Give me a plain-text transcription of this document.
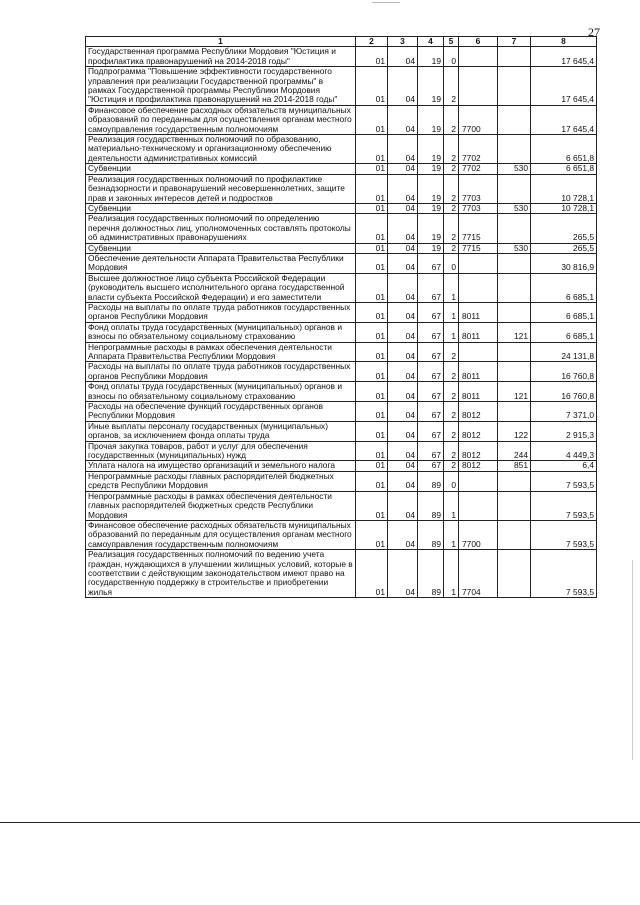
27
1	2	3	4	5	6	7	8
Государственная программа Республики Мордовия "Юстиция и профилактика правонарушений на 2014-2018 годы"	01	04	19	0			17 645,4
Подпрограмма "Повышение эффективности государственного управления при реализации Государственной программы" в рамках Государственной программы Республики Мордовия "Юстиция и профилактика правонарушений на 2014-2018 годы"	01	04	19	2			17 645,4
Финансовое обеспечение расходных обязательств муниципальных образований по переданным для осуществления органам местного самоуправления государственным полномочиям	01	04	19	2	7700		17 645,4
Реализация государственных полномочий по образованию, материально-техническому и организационному обеспечению деятельности административных комиссий	01	04	19	2	7702		6 651,8
Субвенции	01	04	19	2	7702	530	6 651,8
Реализация государственных полномочий по профилактике безнадзорности и правонарушений несовершеннолетних, защите прав и законных интересов детей и подростков	01	04	19	2	7703		10 728,1
Субвенции	01	04	19	2	7703	530	10 728,1
Реализация государственных полномочий по определению перечня должностных лиц, уполномоченных составлять протоколы об административных правонарушениях	01	04	19	2	7715		265,5
Субвенции	01	04	19	2	7715	530	265,5
Обеспечение деятельности Аппарата Правительства Республики Мордовия	01	04	67	0			30 816,9
Высшее должностное лицо субъекта Российской Федерации (руководитель высшего исполнительного органа государственной власти субъекта Российской Федерации) и его заместители	01	04	67	1			6 685,1
Расходы на выплаты по оплате труда работников государственных органов Республики Мордовия	01	04	67	1	8011		6 685,1
Фонд оплаты труда государственных (муниципальных) органов и взносы по обязательному социальному страхованию	01	04	67	1	8011	121	6 685,1
Непрограммные расходы в рамках обеспечения деятельности Аппарата Правительства Республики Мордовия	01	04	67	2			24 131,8
Расходы на выплаты по оплате труда работников государственных органов Республики Мордовия	01	04	67	2	8011		16 760,8
Фонд оплаты труда государственных (муниципальных) органов и взносы по обязательному социальному страхованию	01	04	67	2	8011	121	16 760,8
Расходы на обеспечение функций государственных органов Республики Мордовия	01	04	67	2	8012		7 371,0
Иные выплаты персоналу государственных (муниципальных) органов, за исключением фонда оплаты труда	01	04	67	2	8012	122	2 915,3
Прочая закупка товаров, работ и услуг для обеспечения государственных (муниципальных) нужд	01	04	67	2	8012	244	4 449,3
Уплата налога на имущество организаций и земельного налога	01	04	67	2	8012	851	6,4
Непрограммные расходы главных распорядителей бюджетных средств Республики Мордовия	01	04	89	0			7 593,5
Непрограммные расходы в рамках обеспечения деятельности главных распорядителей бюджетных средств Республики Мордовия	01	04	89	1			7 593,5
Финансовое обеспечение расходных обязательств муниципальных образований по переданным для осуществления органам местного самоуправления государственным полномочиям	01	04	89	1	7700		7 593,5
Реализация государственных полномочий по ведению учета граждан, нуждающихся в улучшении жилищных условий, которые в соответствии с действующим законодательством имеют право на государственную поддержку в строительстве и приобретении жилья	01	04	89	1	7704		7 593,5
